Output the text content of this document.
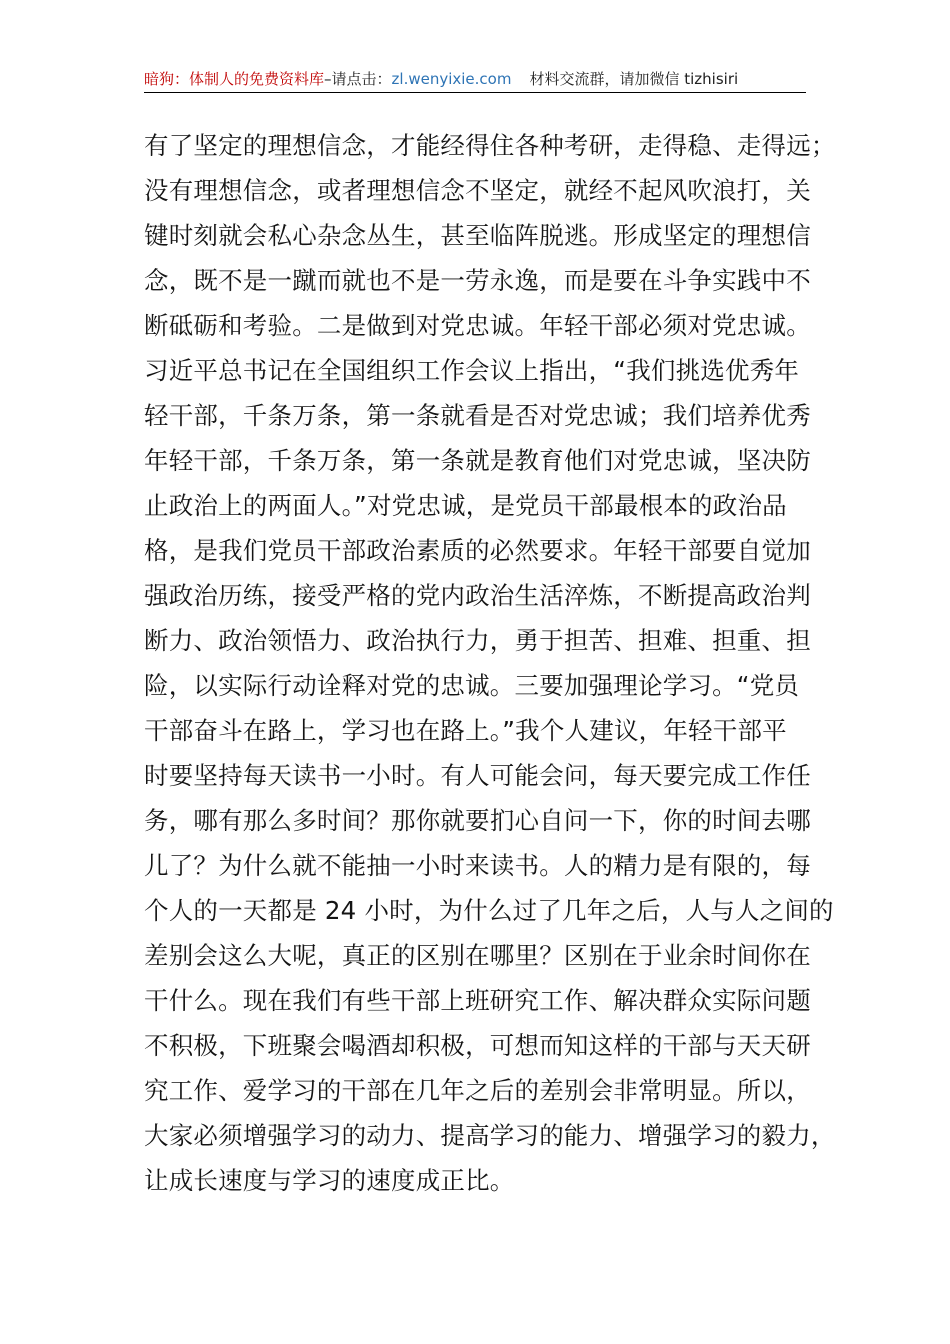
暗狗：体制人的免费资料库–请点击：zl.wenyixie.com 材料交流群，请加微信 tizhisiri
有了坚定的理想信念，才能经得住各种考研，走得稳、走得远；
没有理想信念，或者理想信念不坚定，就经不起风吹浪打，关
键时刻就会私心杂念丛生，甚至临阵脱逃。形成坚定的理想信
念，既不是一蹴而就也不是一劳永逸，而是要在斗争实践中不
断砥砺和考验。二是做到对党忠诚。年轻干部必须对党忠诚。
习近平总书记在全国组织工作会议上指出，“我们挑选优秀年
轻干部，千条万条，第一条就看是否对党忠诚；我们培养优秀
年轻干部，千条万条，第一条就是教育他们对党忠诚，坚决防
止政治上的两面人。”对党忠诚，是党员干部最根本的政治品
格，是我们党员干部政治素质的必然要求。年轻干部要自觉加
强政治历练，接受严格的党内政治生活淬炼，不断提高政治判
断力、政治领悟力、政治执行力，勇于担苦、担难、担重、担
险，以实际行动诠释对党的忠诚。三要加强理论学习。“党员
干部奋斗在路上，学习也在路上。”我个人建议，年轻干部平
时要坚持每天读书一小时。有人可能会问，每天要完成工作任
务，哪有那么多时间？那你就要扪心自问一下，你的时间去哪
儿了？为什么就不能抽一小时来读书。人的精力是有限的，每
个人的一天都是 24 小时，为什么过了几年之后，人与人之间的
差别会这么大呢，真正的区别在哪里？区别在于业余时间你在
干什么。现在我们有些干部上班研究工作、解决群众实际问题
不积极，下班聚会喝酒却积极，可想而知这样的干部与天天研
究工作、爱学习的干部在几年之后的差别会非常明显。所以，
大家必须增强学习的动力、提高学习的能力、增强学习的毅力，
让成长速度与学习的速度成正比。
